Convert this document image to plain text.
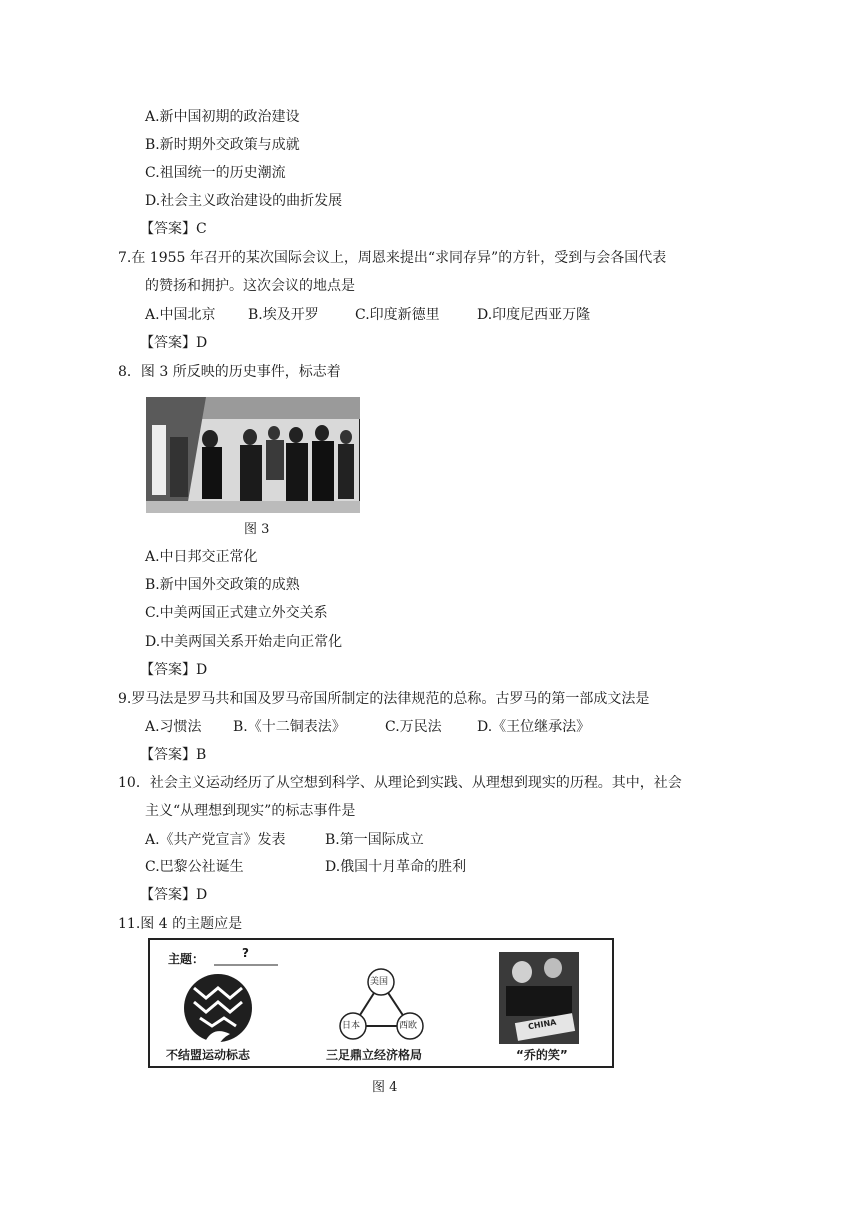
A.新中国初期的政治建设
B.新时期外交政策与成就
C.祖国统一的历史潮流
D.社会主义政治建设的曲折发展
【答案】C
7.在 1955 年召开的某次国际会议上，周恩来提出“求同存异”的方针，受到与会各国代表
的赞扬和拥护。这次会议的地点是
A.中国北京 B.埃及开罗	C.印度新德里	D.印度尼西亚万隆
【答案】D
8．图 3 所反映的历史事件，标志着
图 3
A.中日邦交正常化
B.新中国外交政策的成熟
C.中美两国正式建立外交关系
D.中美两国关系开始走向正常化
【答案】D
9.罗马法是罗马共和国及罗马帝国所制定的法律规范的总称。古罗马的第一部成文法是
A.习惯法 B.《十二铜表法》	C.万民法	D.《王位继承法》
【答案】B
10．社会主义运动经历了从空想到科学、从理论到实践、从理想到现实的历程。其中，社会
主义“从理想到现实”的标志事件是
A.《共产党宣言》发表	B.第一国际成立
C.巴黎公社诞生	D.俄国十月革命的胜利
【答案】D
11.图 4 的主题应是
主题：	?
美国
日本	西欧	CHINA
不结盟运动标志	三足鼎立经济格局	“乔的笑”
图 4
